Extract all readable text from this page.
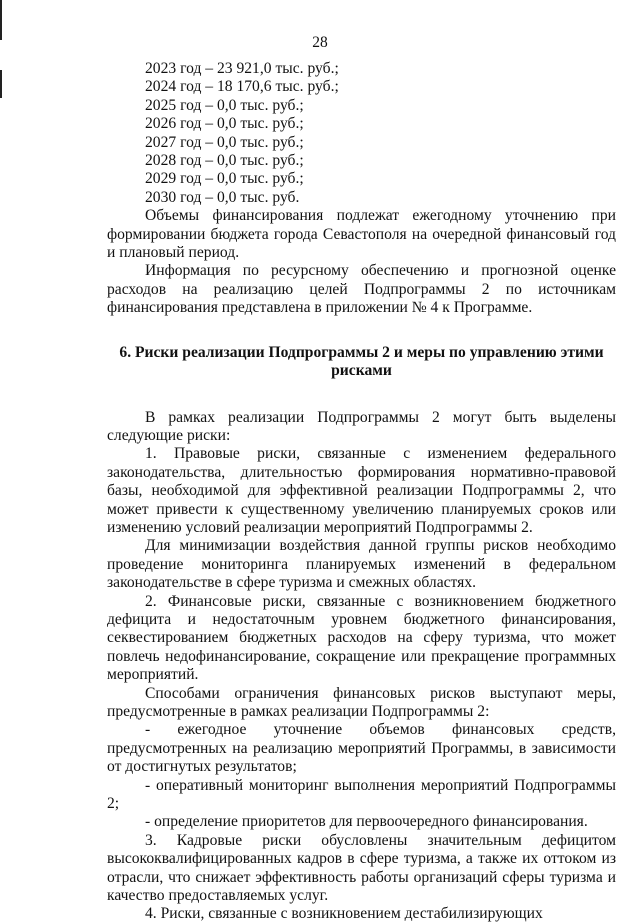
28
2023 год – 23 921,0 тыс. руб.;
2024 год – 18 170,6 тыс. руб.;
2025 год – 0,0 тыс. руб.;
2026 год – 0,0 тыс. руб.;
2027 год – 0,0 тыс. руб.;
2028 год – 0,0 тыс. руб.;
2029 год – 0,0 тыс. руб.;
2030 год – 0,0 тыс. руб.

Объемы финансирования подлежат ежегодному уточнению при формировании бюджета города Севастополя на очередной финансовый год и плановый период.

Информация по ресурсному обеспечению и прогнозной оценке расходов на реализацию целей Подпрограммы 2 по источникам финансирования представлена в приложении № 4 к Программе.

6. Риски реализации Подпрограммы 2 и меры по управлению этими рисками

В рамках реализации Подпрограммы 2 могут быть выделены следующие риски:

1. Правовые риски, связанные с изменением федерального законодательства, длительностью формирования нормативно-правовой базы, необходимой для эффективной реализации Подпрограммы 2, что может привести к существенному увеличению планируемых сроков или изменению условий реализации мероприятий Подпрограммы 2.

Для минимизации воздействия данной группы рисков необходимо проведение мониторинга планируемых изменений в федеральном законодательстве в сфере туризма и смежных областях.

2. Финансовые риски, связанные с возникновением бюджетного дефицита и недостаточным уровнем бюджетного финансирования, секвестированием бюджетных расходов на сферу туризма, что может повлечь недофинансирование, сокращение или прекращение программных мероприятий.

Способами ограничения финансовых рисков выступают меры, предусмотренные в рамках реализации Подпрограммы 2:

- ежегодное уточнение объемов финансовых средств, предусмотренных на реализацию мероприятий Программы, в зависимости от достигнутых результатов;

- оперативный мониторинг выполнения мероприятий Подпрограммы 2;

- определение приоритетов для первоочередного финансирования.

3. Кадровые риски обусловлены значительным дефицитом высококвалифицированных кадров в сфере туризма, а также их оттоком из отрасли, что снижает эффективность работы организаций сферы туризма и качество предоставляемых услуг.

4. Риски, связанные с возникновением дестабилизирующих
